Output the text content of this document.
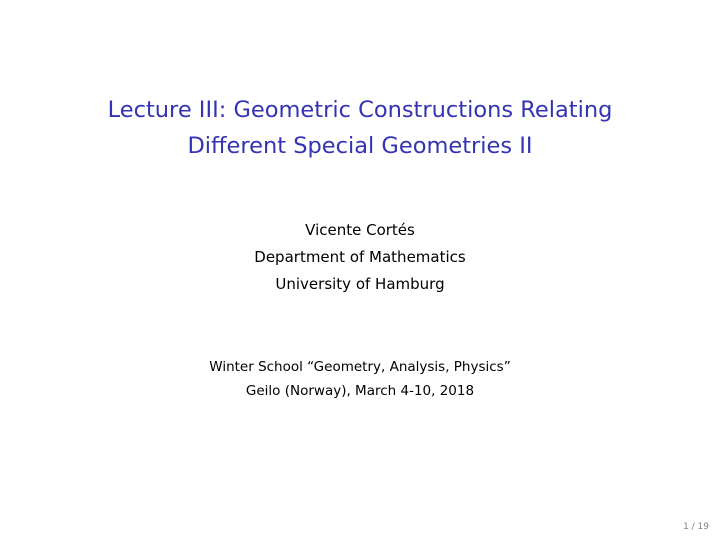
Lecture III: Geometric Constructions Relating
Different Special Geometries II
Vicente Cortés
Department of Mathematics
University of Hamburg
Winter School “Geometry, Analysis, Physics”
Geilo (Norway), March 4-10, 2018
1 / 19
